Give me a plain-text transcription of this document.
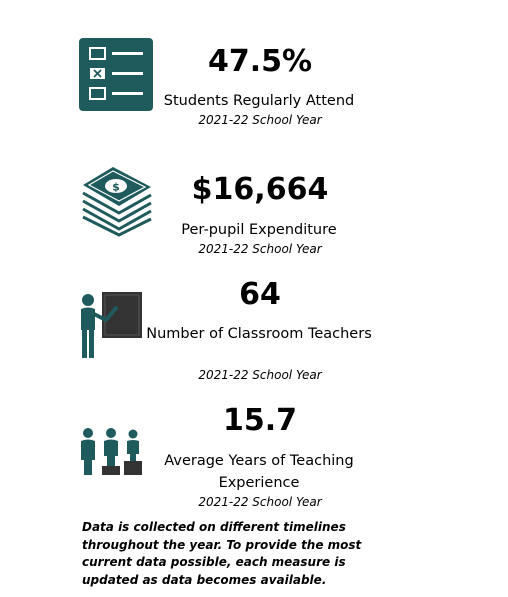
47.5%
Students Regularly Attend
2021-22 School Year
$	$16,664
Per-pupil Expenditure
2021-22 School Year
64
Number of Classroom Teachers
2021-22 School Year
15.7
Average Years of Teaching Experience
2021-22 School Year
Data is collected on different timelines throughout the year. To provide the most current data possible, each measure is updated as data becomes available.
